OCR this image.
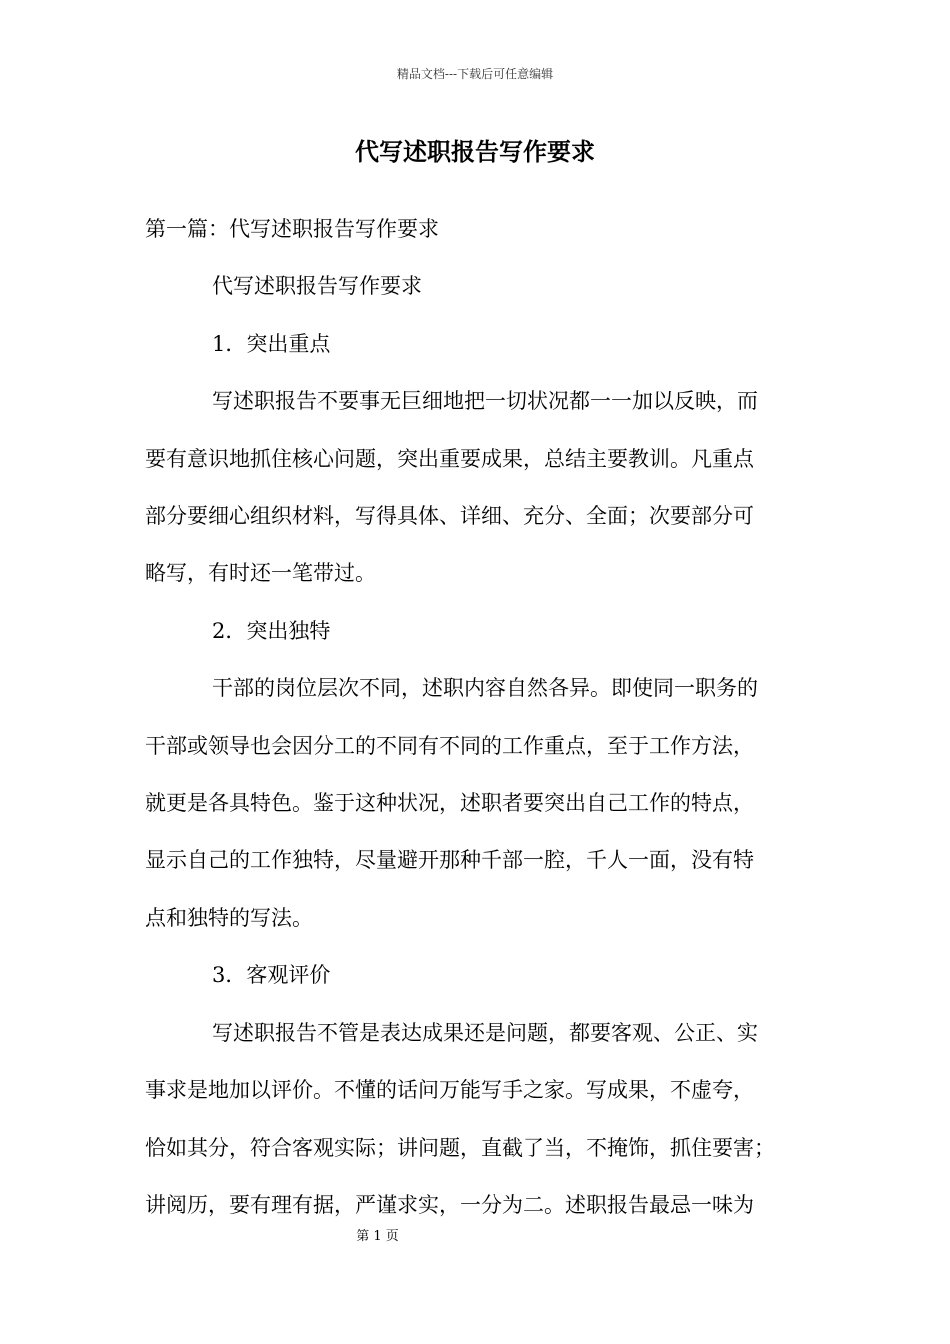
精品文档---下载后可任意编辑
代写述职报告写作要求

第一篇：代写述职报告写作要求

代写述职报告写作要求

1．突出重点

写述职报告不要事无巨细地把一切状况都一一加以反映，而

要有意识地抓住核心问题，突出重要成果，总结主要教训。凡重点

部分要细心组织材料，写得具体、详细、充分、全面；次要部分可

略写，有时还一笔带过。

2．突出独特

干部的岗位层次不同，述职内容自然各异。即使同一职务的

干部或领导也会因分工的不同有不同的工作重点，至于工作方法，

就更是各具特色。鉴于这种状况，述职者要突出自己工作的特点，

显示自己的工作独特，尽量避开那种千部一腔，千人一面，没有特

点和独特的写法。

3．客观评价

写述职报告不管是表达成果还是问题，都要客观、公正、实

事求是地加以评价。不懂的话问万能写手之家。写成果，不虚夸，

恰如其分，符合客观实际；讲问题，直截了当，不掩饰，抓住要害；

讲阅历，要有理有据，严谨求实，一分为二。述职报告最忌一味为

第 1 页
